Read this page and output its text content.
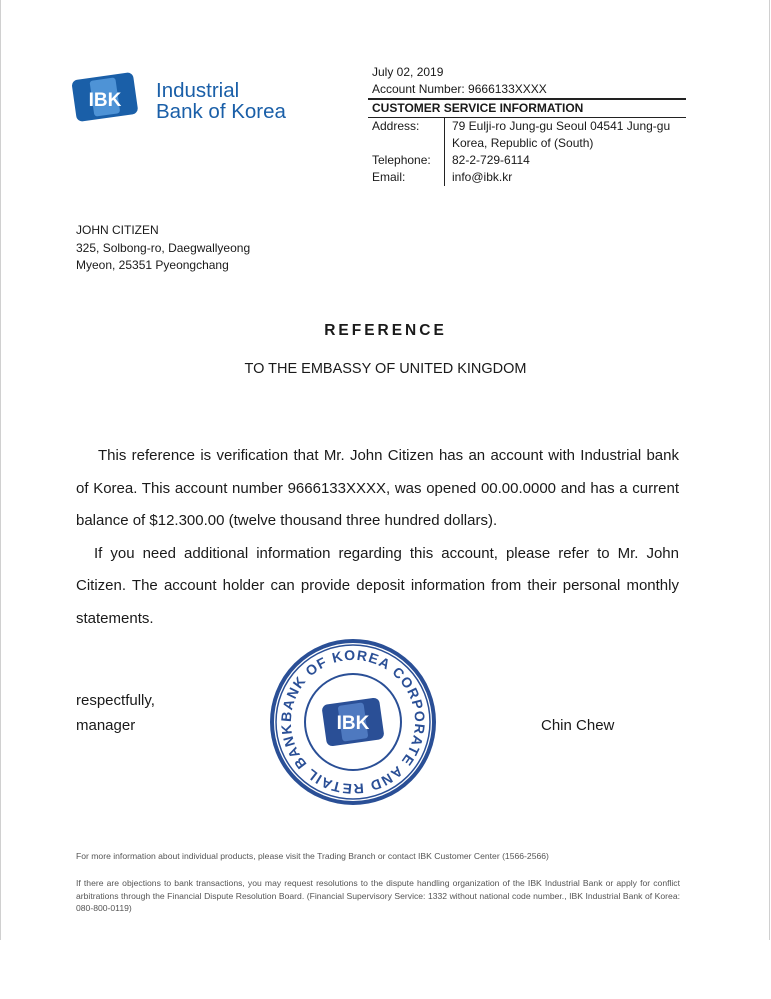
IBK Industrial
Bank of Korea
July 02, 2019
Account Number: 9666133XXXX
CUSTOMER SERVICE INFORMATION
Address:	79 Eulji-ro Jung-gu Seoul 04541 Jung-gu
Korea, Republic of (South)

Telephone:	82-2-729-6114
Email:	info@ibk.kr
JOHN CITIZEN
325, Solbong-ro, Daegwallyeong
Myeon, 25351 Pyeongchang
REFERENCE
TO THE EMBASSY OF UNITED KINGDOM

This reference is verification that Mr. John Citizen has an account with Industrial bank of Korea. This account number 9666133XXXX, was opened 00.00.0000 and has a current balance of $12.300.00 (twelve thousand three hundred dollars).

If you need additional information regarding this account, please refer to Mr. John Citizen. The account holder can provide deposit information from their personal monthly statements.

respectfully,
manager	Chin Chew
BANK OF KOREA CORPORATE AND RETAIL BANK	IBK
For more information about individual products, please visit the Trading Branch or contact IBK Customer Center (1566-2566)
If there are objections to bank transactions, you may request resolutions to the dispute handling organization of the IBK Industrial Bank or apply for conflict arbitrations through the Financial Dispute Resolution Board. (Financial Supervisory Service: 1332 without national code number., IBK Industrial Bank of Korea: 080-800-0119)
